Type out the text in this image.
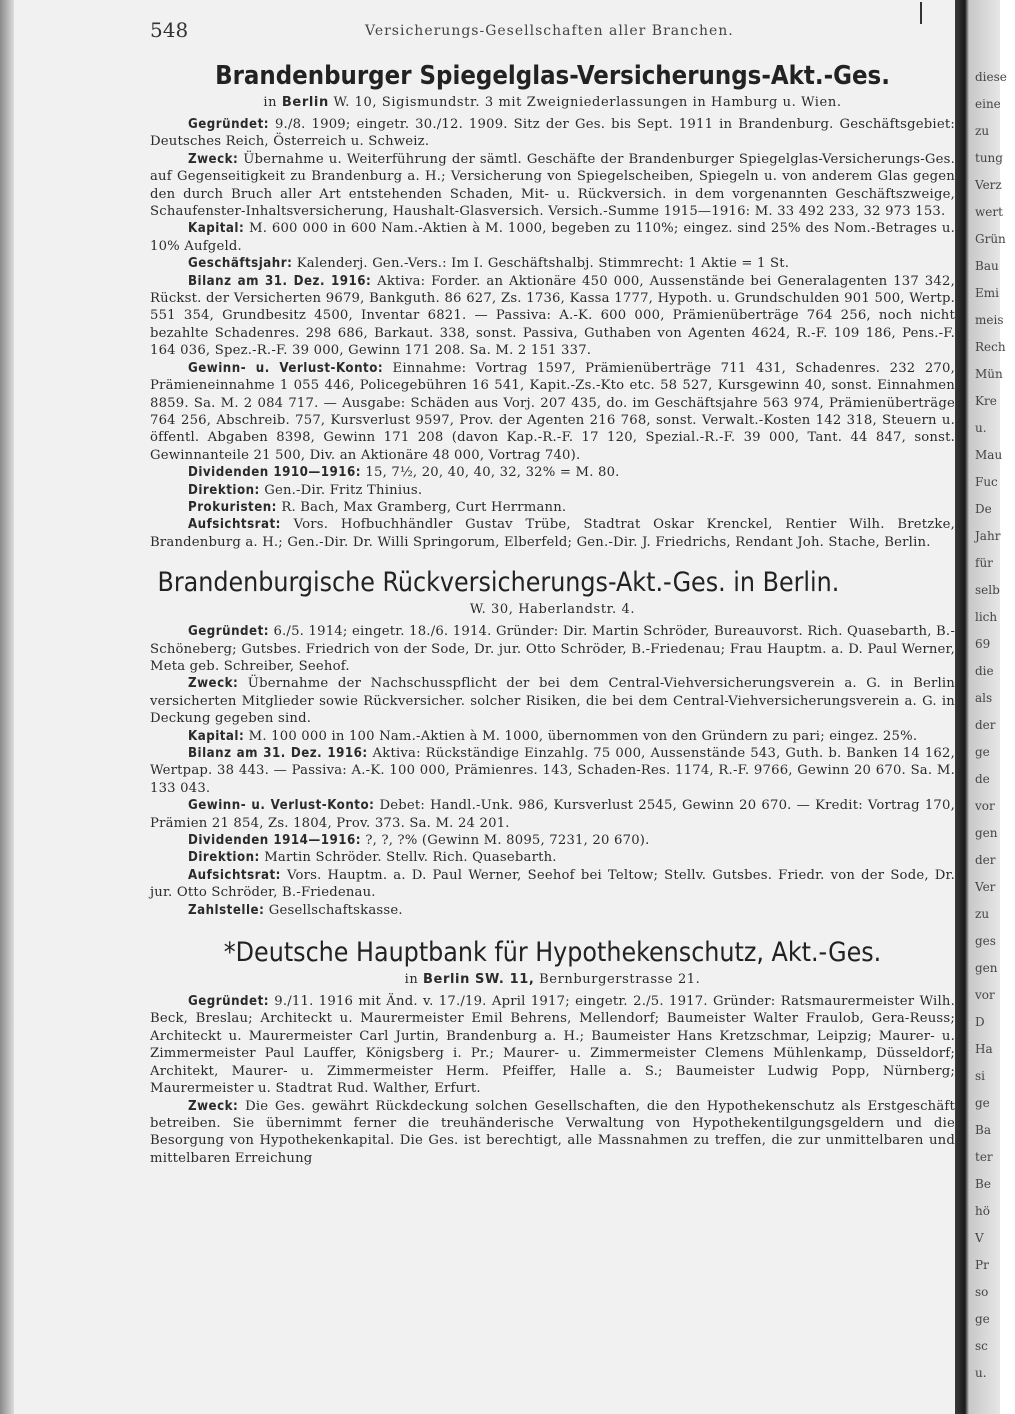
548	Versicherungs-Gesellschaften aller Branchen.
Brandenburger Spiegelglas-Versicherungs-Akt.-Ges.
in Berlin W. 10, Sigismundstr. 3 mit Zweigniederlassungen in Hamburg u. Wien.

Gegründet: 9./8. 1909; eingetr. 30./12. 1909. Sitz der Ges. bis Sept. 1911 in Brandenburg. Geschäftsgebiet: Deutsches Reich, Österreich u. Schweiz.

Zweck: Übernahme u. Weiterführung der sämtl. Geschäfte der Brandenburger Spiegelglas-Versicherungs-Ges. auf Gegenseitigkeit zu Brandenburg a. H.; Versicherung von Spiegelscheiben, Spiegeln u. von anderem Glas gegen den durch Bruch aller Art entstehenden Schaden, Mit- u. Rückversich. in dem vorgenannten Geschäftszweige, Schaufenster-Inhaltsversicherung, Haushalt-Glasversich. Versich.-Summe 1915—1916: M. 33 492 233, 32 973 153.

Kapital: M. 600 000 in 600 Nam.-Aktien à M. 1000, begeben zu 110%; eingez. sind 25% des Nom.-Betrages u. 10% Aufgeld.

Geschäftsjahr: Kalenderj. Gen.-Vers.: Im I. Geschäftshalbj. Stimmrecht: 1 Aktie = 1 St.

Bilanz am 31. Dez. 1916: Aktiva: Forder. an Aktionäre 450 000, Aussenstände bei Generalagenten 137 342, Rückst. der Versicherten 9679, Bankguth. 86 627, Zs. 1736, Kassa 1777, Hypoth. u. Grundschulden 901 500, Wertp. 551 354, Grundbesitz 4500, Inventar 6821. — Passiva: A.-K. 600 000, Prämienüberträge 764 256, noch nicht bezahlte Schadenres. 298 686, Barkaut. 338, sonst. Passiva, Guthaben von Agenten 4624, R.-F. 109 186, Pens.-F. 164 036, Spez.-R.-F. 39 000, Gewinn 171 208. Sa. M. 2 151 337.

Gewinn- u. Verlust-Konto: Einnahme: Vortrag 1597, Prämienüberträge 711 431, Schadenres. 232 270, Prämieneinnahme 1 055 446, Policegebühren 16 541, Kapit.-Zs.-Kto etc. 58 527, Kursgewinn 40, sonst. Einnahmen 8859. Sa. M. 2 084 717. — Ausgabe: Schäden aus Vorj. 207 435, do. im Geschäftsjahre 563 974, Prämienüberträge 764 256, Abschreib. 757, Kursverlust 9597, Prov. der Agenten 216 768, sonst. Verwalt.-Kosten 142 318, Steuern u. öffentl. Abgaben 8398, Gewinn 171 208 (davon Kap.-R.-F. 17 120, Spezial.-R.-F. 39 000, Tant. 44 847, sonst. Gewinnanteile 21 500, Div. an Aktionäre 48 000, Vortrag 740).

Dividenden 1910—1916: 15, 7½, 20, 40, 40, 32, 32% = M. 80.

Direktion: Gen.-Dir. Fritz Thinius.

Prokuristen: R. Bach, Max Gramberg, Curt Herrmann.

Aufsichtsrat: Vors. Hofbuchhändler Gustav Trübe, Stadtrat Oskar Krenckel, Rentier Wilh. Bretzke, Brandenburg a. H.; Gen.-Dir. Dr. Willi Springorum, Elberfeld; Gen.-Dir. J. Friedrichs, Rendant Joh. Stache, Berlin.

Brandenburgische Rückversicherungs-Akt.-Ges. in Berlin.
W. 30, Haberlandstr. 4.

Gegründet: 6./5. 1914; eingetr. 18./6. 1914. Gründer: Dir. Martin Schröder, Bureauvorst. Rich. Quasebarth, B.-Schöneberg; Gutsbes. Friedrich von der Sode, Dr. jur. Otto Schröder, B.-Friedenau; Frau Hauptm. a. D. Paul Werner, Meta geb. Schreiber, Seehof.

Zweck: Übernahme der Nachschusspflicht der bei dem Central-Viehversicherungsverein a. G. in Berlin versicherten Mitglieder sowie Rückversicher. solcher Risiken, die bei dem Central-Viehversicherungsverein a. G. in Deckung gegeben sind.

Kapital: M. 100 000 in 100 Nam.-Aktien à M. 1000, übernommen von den Gründern zu pari; eingez. 25%.

Bilanz am 31. Dez. 1916: Aktiva: Rückständige Einzahlg. 75 000, Aussenstände 543, Guth. b. Banken 14 162, Wertpap. 38 443. — Passiva: A.-K. 100 000, Prämienres. 143, Schaden-Res. 1174, R.-F. 9766, Gewinn 20 670. Sa. M. 133 043.

Gewinn- u. Verlust-Konto: Debet: Handl.-Unk. 986, Kursverlust 2545, Gewinn 20 670. — Kredit: Vortrag 170, Prämien 21 854, Zs. 1804, Prov. 373. Sa. M. 24 201.

Dividenden 1914—1916: ?, ?, ?% (Gewinn M. 8095, 7231, 20 670).

Direktion: Martin Schröder. Stellv. Rich. Quasebarth.

Aufsichtsrat: Vors. Hauptm. a. D. Paul Werner, Seehof bei Teltow; Stellv. Gutsbes. Friedr. von der Sode, Dr. jur. Otto Schröder, B.-Friedenau.

Zahlstelle: Gesellschaftskasse.

*Deutsche Hauptbank für Hypothekenschutz, Akt.-Ges.
in Berlin SW. 11, Bernburgerstrasse 21.

Gegründet: 9./11. 1916 mit Änd. v. 17./19. April 1917; eingetr. 2./5. 1917. Gründer: Ratsmaurermeister Wilh. Beck, Breslau; Architeckt u. Maurermeister Emil Behrens, Mellendorf; Baumeister Walter Fraulob, Gera-Reuss; Architeckt u. Maurermeister Carl Jurtin, Brandenburg a. H.; Baumeister Hans Kretzschmar, Leipzig; Maurer- u. Zimmermeister Paul Lauffer, Königsberg i. Pr.; Maurer- u. Zimmermeister Clemens Mühlenkamp, Düsseldorf; Architekt, Maurer- u. Zimmermeister Herm. Pfeiffer, Halle a. S.; Baumeister Ludwig Popp, Nürnberg; Maurermeister u. Stadtrat Rud. Walther, Erfurt.

Zweck: Die Ges. gewährt Rückdeckung solchen Gesellschaften, die den Hypothekenschutz als Erstgeschäft betreiben. Sie übernimmt ferner die treuhänderische Verwaltung von Hypothekentilgungsgeldern und die Besorgung von Hypothekenkapital. Die Ges. ist berechtigt, alle Massnahmen zu treffen, die zur unmittelbaren und mittelbaren Erreichung

diese
eine
zu
tung
Verz
wert
Grün
Bau
Emi
meis
Rech
Mün
Kre
u.
Mau
Fuc
De
Jahr
für
selb
lich
69
die
als
der
ge
de
vor
gen
der
Ver
zu
ges
gen
vor
D
Ha
si
ge
Ba
ter
Be
hö
V
Pr
so
ge
sc
u.
